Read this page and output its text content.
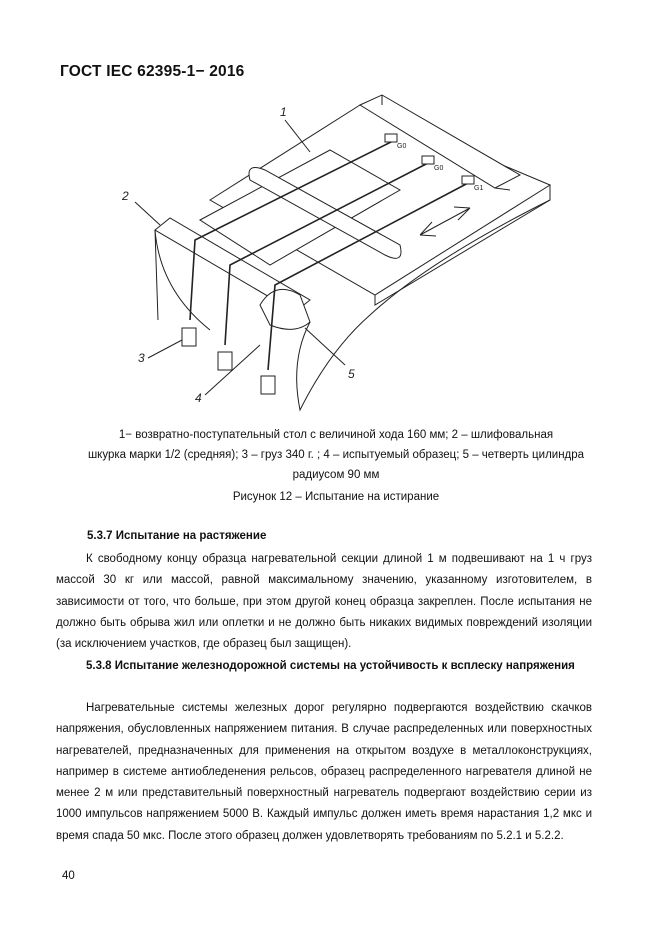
ГОСТ IEC 62395-1− 2016
1
2
3
4
5
G0
G0
G1
1− возвратно-поступательный стол с величиной хода 160 мм; 2 – шлифовальная
шкурка марки 1/2 (средняя); 3 – груз 340 г. ; 4 – испытуемый образец; 5 – четверть цилиндра
радиусом 90 мм
Рисунок 12 – Испытание на истирание
5.3.7 Испытание на растяжение

К свободному концу образца нагревательной секции длиной 1 м подвешивают на 1 ч груз массой 30 кг или массой, равной максимальному значению, указанному изготовителем, в зависимости от того, что больше, при этом другой конец образца закреплен. После испытания не должно быть обрыва жил или оплетки и не должно быть никаких видимых повреждений изоляции (за исключением участков, где образец был защищен).

5.3.8 Испытание железнодорожной системы на устойчивость к всплеску напряжения

Нагревательные системы железных дорог регулярно подвергаются воздействию скачков напряжения, обусловленных напряжением питания. В случае распределенных или поверхностных нагревателей, предназначенных для применения на открытом воздухе в металлоконструкциях, например в системе антиобледенения рельсов, образец распределенного нагревателя длиной не менее 2 м или представительный поверхностный нагреватель подвергают воздействию серии из 1000 импульсов напряжением 5000 В. Каждый импульс должен иметь время нарастания 1,2 мкс и время спада 50 мкс. После этого образец должен удовлетворять требованиям по 5.2.1 и 5.2.2.

40
